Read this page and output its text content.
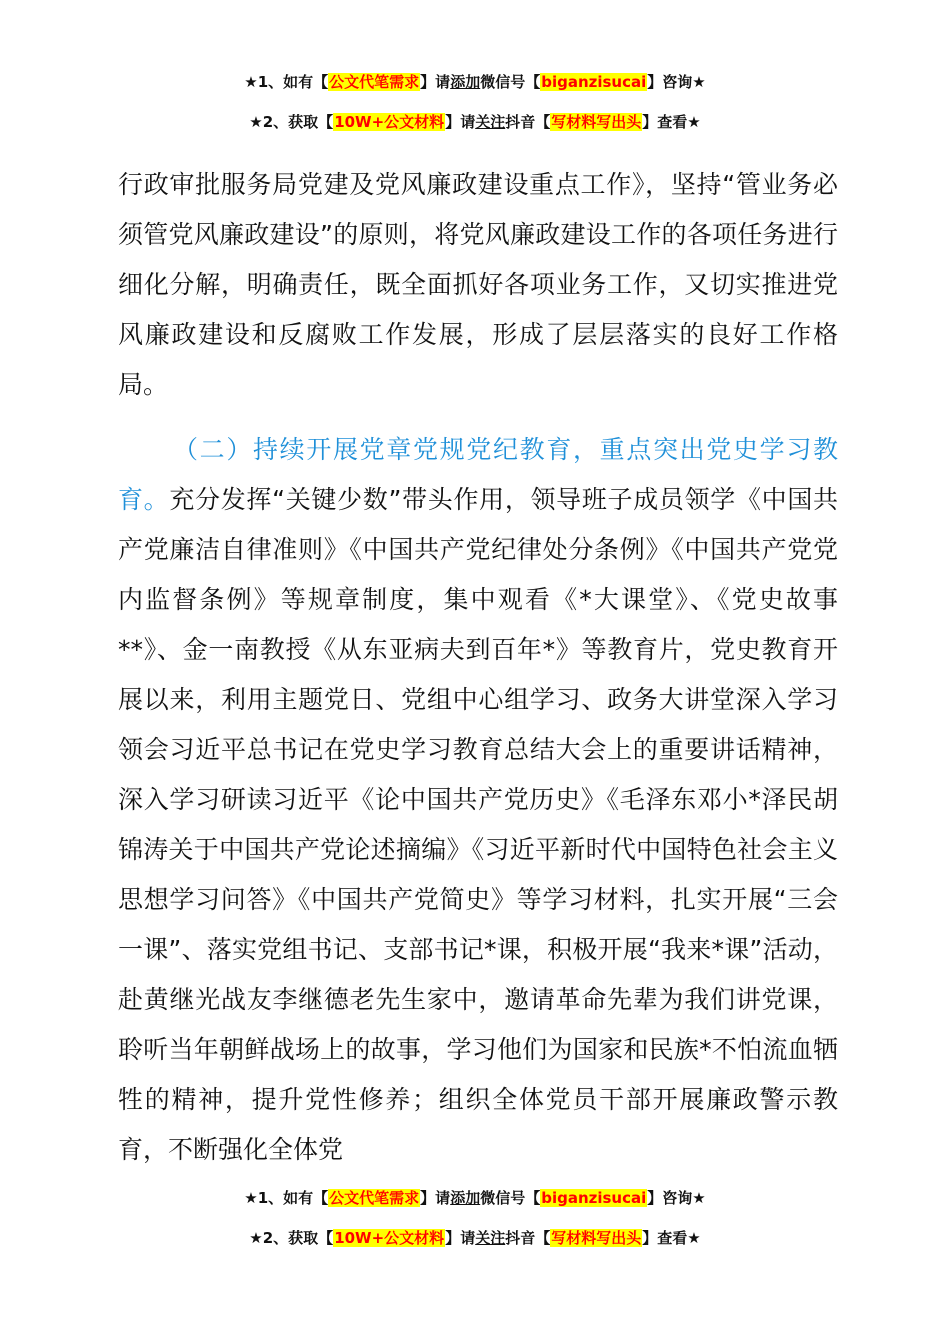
★1、如有【公文代笔需求】请添加微信号【biganzisucai】咨询★
★2、获取【10W+公文材料】请关注抖音【写材料写出头】查看★

行政审批服务局党建及党风廉政建设重点工作》，坚持“管业务必须管党风廉政建设”的原则，将党风廉政建设工作的各项任务进行细化分解，明确责任，既全面抓好各项业务工作，又切实推进党风廉政建设和反腐败工作发展，形成了层层落实的良好工作格局。

（二）持续开展党章党规党纪教育，重点突出党史学习教育。充分发挥“关键少数”带头作用，领导班子成员领学《中国共产党廉洁自律准则》《中国共产党纪律处分条例》《中国共产党党内监督条例》等规章制度，集中观看《*大课堂》、《党史故事**》、金一南教授《从东亚病夫到百年*》等教育片，党史教育开展以来，利用主题党日、党组中心组学习、政务大讲堂深入学习领会习近平总书记在党史学习教育总结大会上的重要讲话精神，深入学习研读习近平《论中国共产党历史》《毛泽东邓小*泽民胡锦涛关于中国共产党论述摘编》《习近平新时代中国特色社会主义思想学习问答》《中国共产党简史》等学习材料，扎实开展“三会一课”、落实党组书记、支部书记*课，积极开展“我来*课”活动，赴黄继光战友李继德老先生家中，邀请革命先辈为我们讲党课，聆听当年朝鲜战场上的故事，学习他们为国家和民族*不怕流血牺牲的精神，提升党性修养；组织全体党员干部开展廉政警示教育，不断强化全体党

★1、如有【公文代笔需求】请添加微信号【biganzisucai】咨询★
★2、获取【10W+公文材料】请关注抖音【写材料写出头】查看★
